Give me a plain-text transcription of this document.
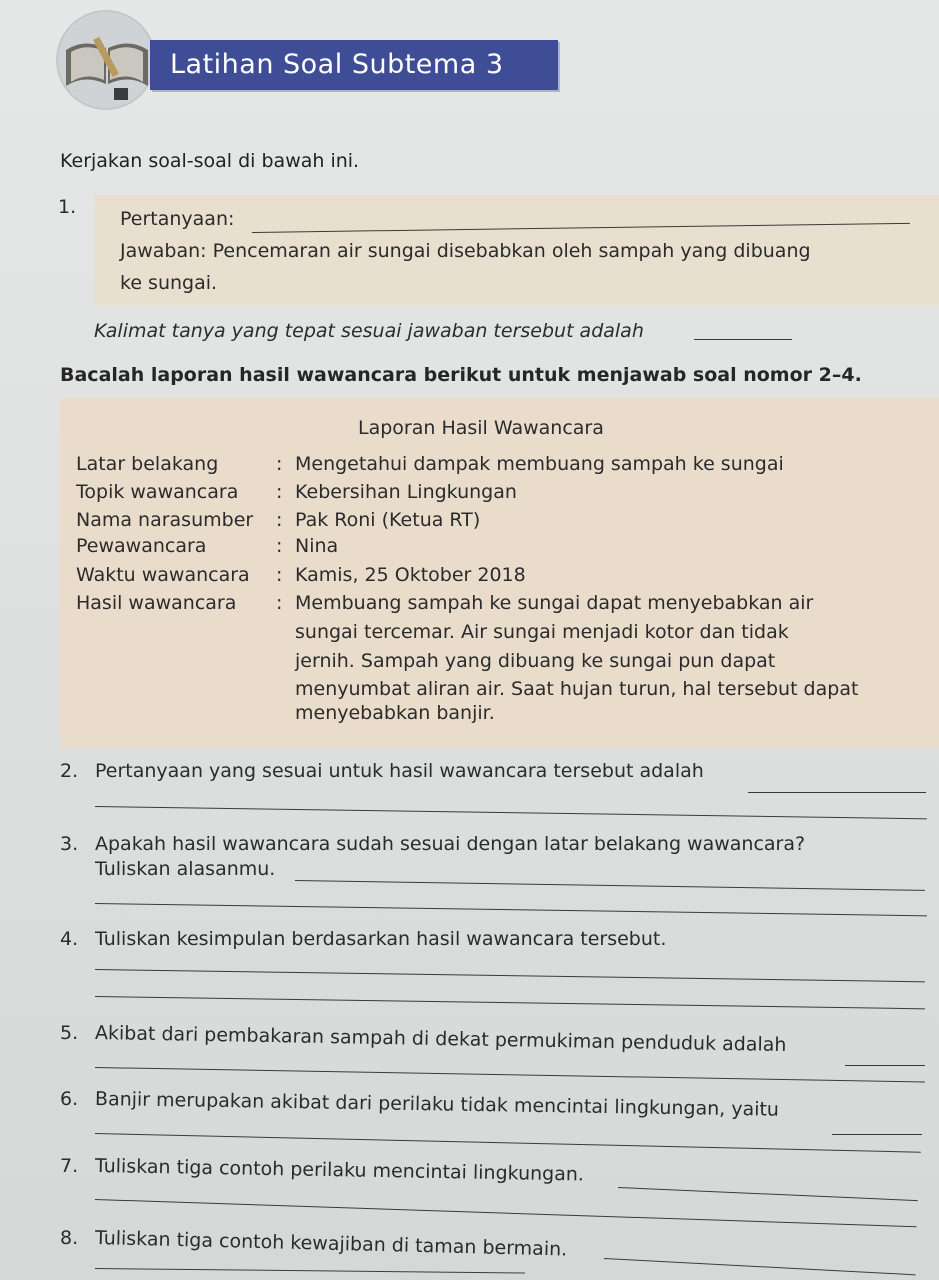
Latihan Soal Subtema 3
Kerjakan soal-soal di bawah ini.
1.
Pertanyaan:
Jawaban: Pencemaran air sungai disebabkan oleh sampah yang dibuang
ke sungai.
Kalimat tanya yang tepat sesuai jawaban tersebut adalah
Bacalah laporan hasil wawancara berikut untuk menjawab soal nomor 2–4.
Laporan Hasil Wawancara
Latar belakang	: Mengetahui dampak membuang sampah ke sungai
Topik wawancara : Kebersihan Lingkungan
Nama narasumber : Pak Roni (Ketua RT)
Pewawancara	: Nina
Waktu wawancara : Kamis, 25 Oktober 2018
Hasil wawancara : Membuang sampah ke sungai dapat menyebabkan air
sungai tercemar. Air sungai menjadi kotor dan tidak
jernih. Sampah yang dibuang ke sungai pun dapat
menyumbat aliran air. Saat hujan turun, hal tersebut dapat
menyebabkan banjir.
2. Pertanyaan yang sesuai untuk hasil wawancara tersebut adalah
3. Apakah hasil wawancara sudah sesuai dengan latar belakang wawancara?
Tuliskan alasanmu.
4. Tuliskan kesimpulan berdasarkan hasil wawancara tersebut.
5. Akibat dari pembakaran sampah di dekat permukiman penduduk adalah
6. Banjir merupakan akibat dari perilaku tidak mencintai lingkungan, yaitu
7. Tuliskan tiga contoh perilaku mencintai lingkungan.
8. Tuliskan tiga contoh kewajiban di taman bermain.
